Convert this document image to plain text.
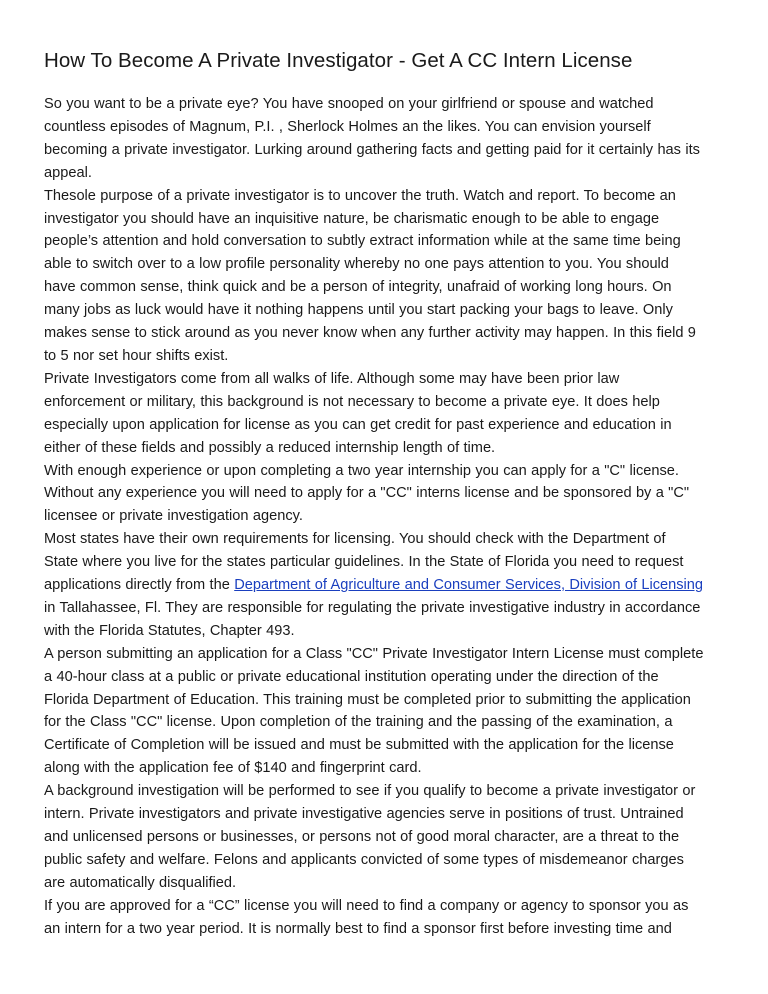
How To Become A Private Investigator - Get A CC Intern License

So you want to be a private eye? You have snooped on your girlfriend or spouse and watched
countless episodes of Magnum, P.I. , Sherlock Holmes an the likes. You can envision yourself
becoming a private investigator. Lurking around gathering facts and getting paid for it certainly has its
appeal.

Thesole purpose of a private investigator is to uncover the truth. Watch and report. To become an
investigator you should have an inquisitive nature, be charismatic enough to be able to engage
people’s attention and hold conversation to subtly extract information while at the same time being
able to switch over to a low profile personality whereby no one pays attention to you. You should
have common sense, think quick and be a person of integrity, unafraid of working long hours. On
many jobs as luck would have it nothing happens until you start packing your bags to leave. Only
makes sense to stick around as you never know when any further activity may happen. In this field 9
to 5 nor set hour shifts exist.

Private Investigators come from all walks of life. Although some may have been prior law
enforcement or military, this background is not necessary to become a private eye. It does help
especially upon application for license as you can get credit for past experience and education in
either of these fields and possibly a reduced internship length of time.

With enough experience or upon completing a two year internship you can apply for a "C" license.
Without any experience you will need to apply for a "CC" interns license and be sponsored by a "C"
licensee or private investigation agency.

Most states have their own requirements for licensing. You should check with the Department of
State where you live for the states particular guidelines. In the State of Florida you need to request
applications directly from the Department of Agriculture and Consumer Services, Division of Licensing
in Tallahassee, Fl. They are responsible for regulating the private investigative industry in accordance
with the Florida Statutes, Chapter 493.

A person submitting an application for a Class "CC" Private Investigator Intern License must complete
a 40-hour class at a public or private educational institution operating under the direction of the
Florida Department of Education. This training must be completed prior to submitting the application
for the Class "CC" license. Upon completion of the training and the passing of the examination, a
Certificate of Completion will be issued and must be submitted with the application for the license
along with the application fee of $140 and fingerprint card.

A background investigation will be performed to see if you qualify to become a private investigator or
intern. Private investigators and private investigative agencies serve in positions of trust. Untrained
and unlicensed persons or businesses, or persons not of good moral character, are a threat to the
public safety and welfare. Felons and applicants convicted of some types of misdemeanor charges
are automatically disqualified.

If you are approved for a “CC” license you will need to find a company or agency to sponsor you as
an intern for a two year period. It is normally best to find a sponsor first before investing time and
